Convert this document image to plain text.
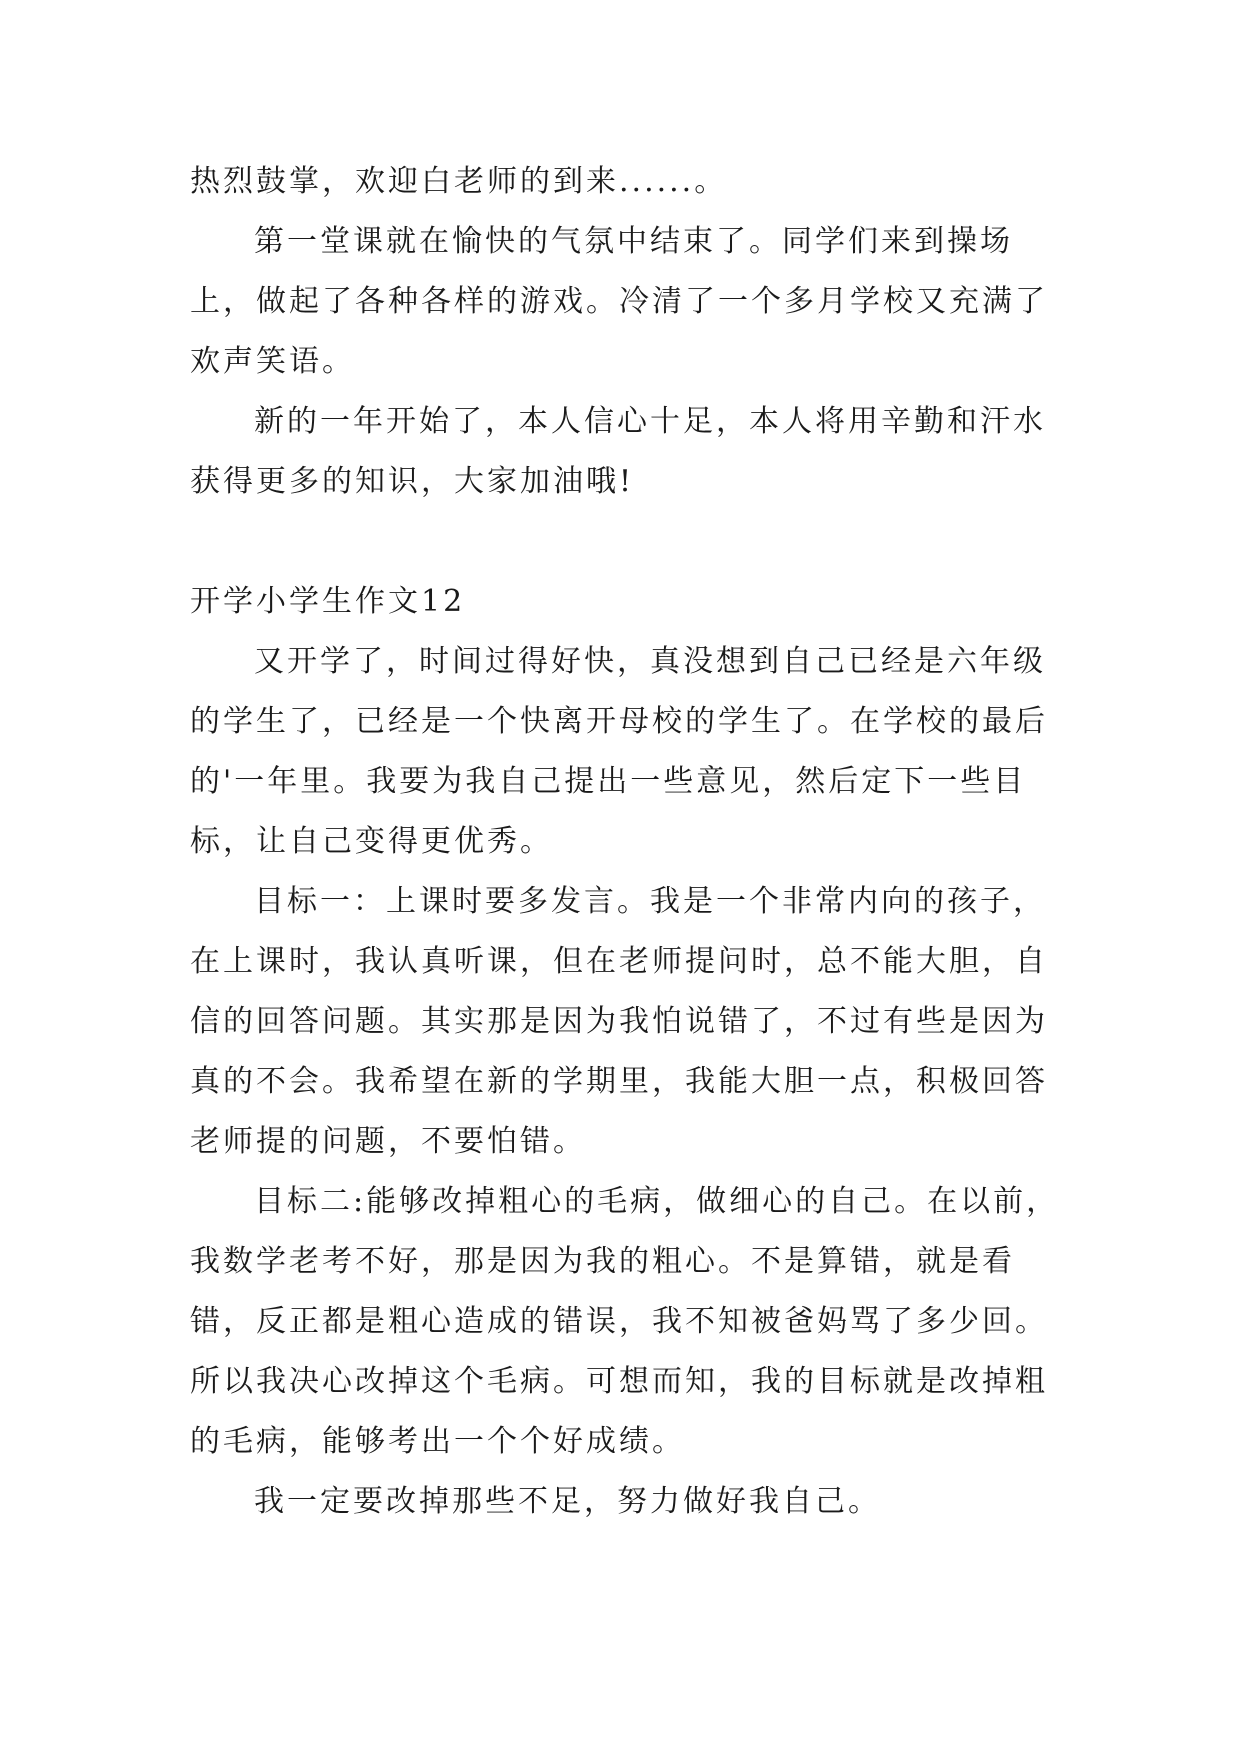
热烈鼓掌，欢迎白老师的到来......。

第一堂课就在愉快的气氛中结束了。同学们来到操场上，做起了各种各样的游戏。冷清了一个多月学校又充满了欢声笑语。

新的一年开始了，本人信心十足，本人将用辛勤和汗水获得更多的知识，大家加油哦!

开学小学生作文12

又开学了，时间过得好快，真没想到自己已经是六年级的学生了，已经是一个快离开母校的学生了。在学校的最后的'一年里。我要为我自己提出一些意见，然后定下一些目标，让自己变得更优秀。

目标一：上课时要多发言。我是一个非常内向的孩子，在上课时，我认真听课，但在老师提问时，总不能大胆，自信的回答问题。其实那是因为我怕说错了，不过有些是因为真的不会。我希望在新的学期里，我能大胆一点，积极回答老师提的问题，不要怕错。

目标二:能够改掉粗心的毛病，做细心的自己。在以前，我数学老考不好，那是因为我的粗心。不是算错，就是看错，反正都是粗心造成的错误，我不知被爸妈骂了多少回。所以我决心改掉这个毛病。可想而知，我的目标就是改掉粗的毛病，能够考出一个个好成绩。

我一定要改掉那些不足，努力做好我自己。
